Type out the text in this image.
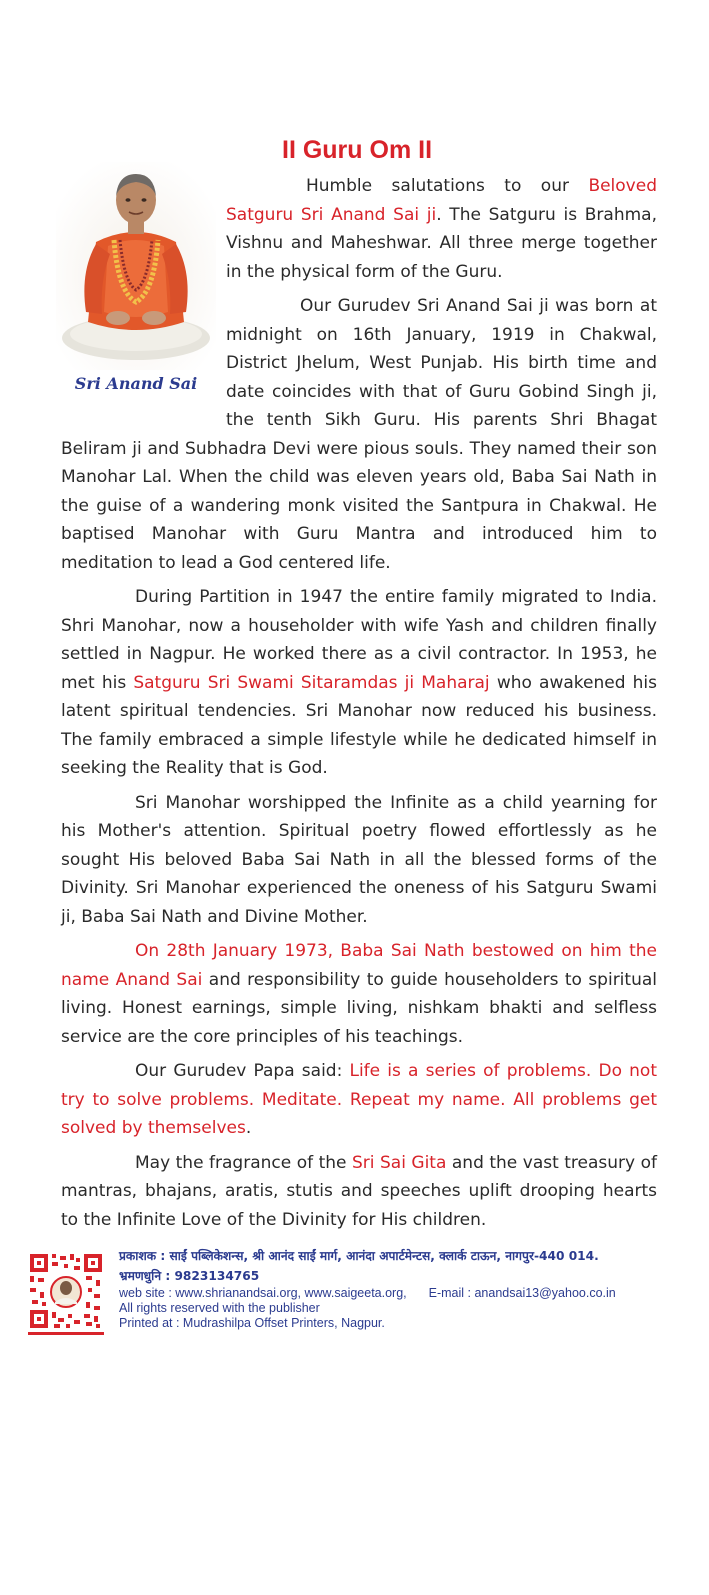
II Guru Om II
Sri Anand Sai

Humble salutations to our Beloved Satguru Sri Anand Sai ji. The Satguru is Brahma, Vishnu and Maheshwar. All three merge together in the physical form of the Guru.

Our Gurudev Sri Anand Sai ji was born at midnight on 16th January, 1919 in Chakwal, District Jhelum, West Punjab. His birth time and date coincides with that of Guru Gobind Singh ji, the tenth Sikh Guru. His parents Shri Bhagat Beliram ji and Subhadra Devi were pious souls. They named their son Manohar Lal. When the child was eleven years old, Baba Sai Nath in the guise of a wandering monk visited the Santpura in Chakwal. He baptised Manohar with Guru Mantra and introduced him to meditation to lead a God centered life.

During Partition in 1947 the entire family migrated to India. Shri Manohar, now a householder with wife Yash and children finally settled in Nagpur. He worked there as a civil contractor. In 1953, he met his Satguru Sri Swami Sitaramdas ji Maharaj who awakened his latent spiritual tendencies. Sri Manohar now reduced his business. The family embraced a simple lifestyle while he dedicated himself in seeking the Reality that is God.

Sri Manohar worshipped the Infinite as a child yearning for his Mother's attention. Spiritual poetry flowed effortlessly as he sought His beloved Baba Sai Nath in all the blessed forms of the Divinity. Sri Manohar experienced the oneness of his Satguru Swami ji, Baba Sai Nath and Divine Mother.

On 28th January 1973, Baba Sai Nath bestowed on him the name Anand Sai and responsibility to guide householders to spiritual living. Honest earnings, simple living, nishkam bhakti and selfless service are the core principles of his teachings.

Our Gurudev Papa said: Life is a series of problems. Do not try to solve problems. Meditate. Repeat my name. All problems get solved by themselves.

May the fragrance of the Sri Sai Gita and the vast treasury of mantras, bhajans, aratis, stutis and speeches uplift drooping hearts to the Infinite Love of the Divinity for His children.

प्रकाशक : साईं पब्लिकेशन्स, श्री आनंद साईं मार्ग, आनंदा अपार्टमेन्टस, क्लार्क टाऊन, नागपुर-440 014.
भ्रमणधुनि : 9823134765
web site : www.shrianandsai.org, www.saigeeta.org, E-mail : anandsai13@yahoo.co.in
All rights reserved with the publisher
Printed at : Mudrashilpa Offset Printers, Nagpur.
